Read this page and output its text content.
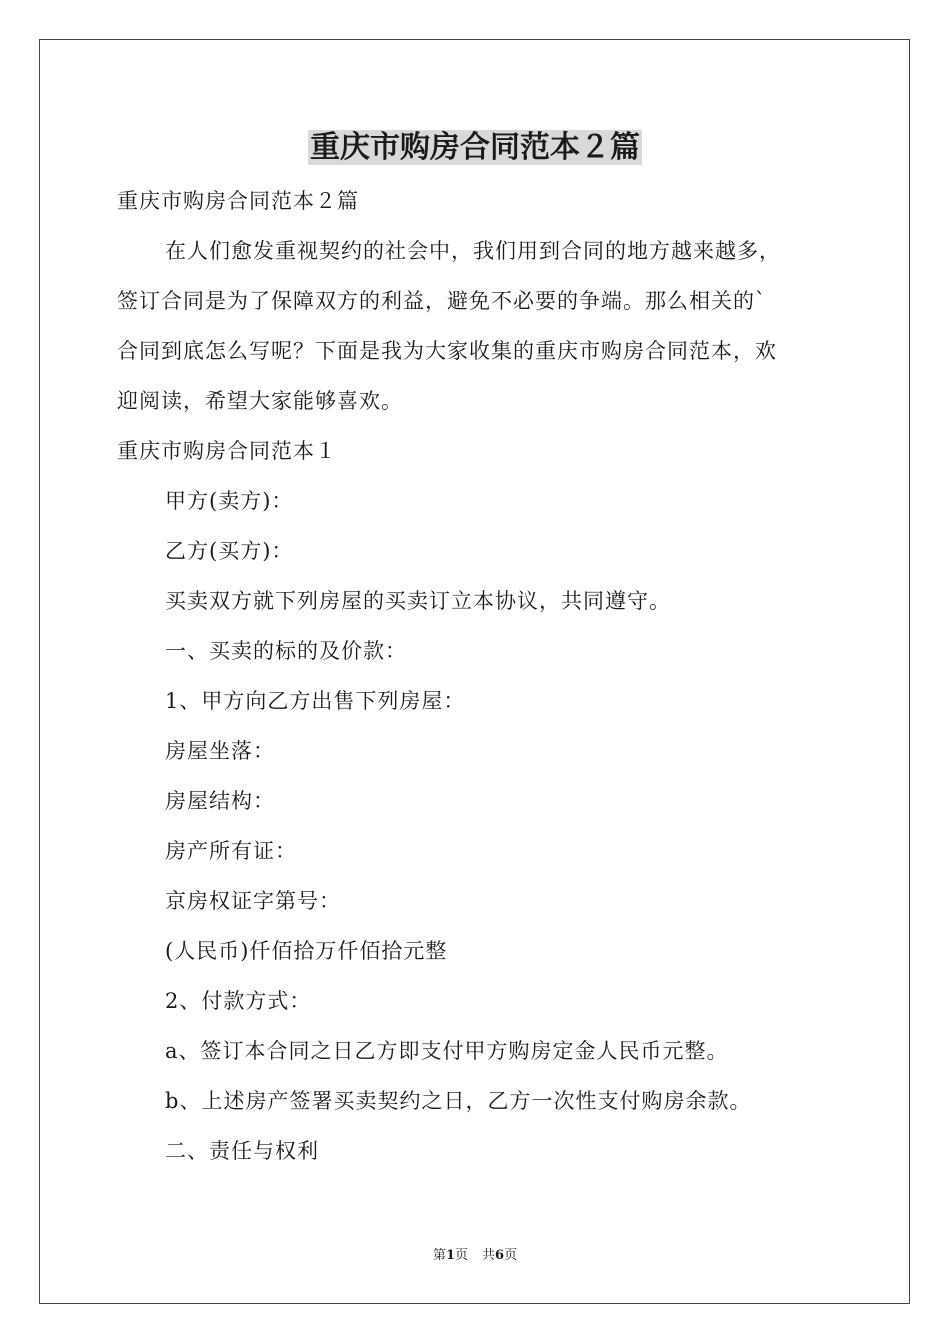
重庆市购房合同范本２篇

重庆市购房合同范本２篇

在人们愈发重视契约的社会中，我们用到合同的地方越来越多，

签订合同是为了保障双方的利益，避免不必要的争端。那么相关的`

合同到底怎么写呢？下面是我为大家收集的重庆市购房合同范本，欢

迎阅读，希望大家能够喜欢。

重庆市购房合同范本１

甲方(卖方)：

乙方(买方)：

买卖双方就下列房屋的买卖订立本协议，共同遵守。

一、买卖的标的及价款：

1、甲方向乙方出售下列房屋：

房屋坐落：

房屋结构：

房产所有证：

京房权证字第号：

(人民币)仟佰拾万仟佰拾元整

2、付款方式：

a、签订本合同之日乙方即支付甲方购房定金人民币元整。

b、上述房产签署买卖契约之日，乙方一次性支付购房余款。

二、责任与权利

第1页 共6页
